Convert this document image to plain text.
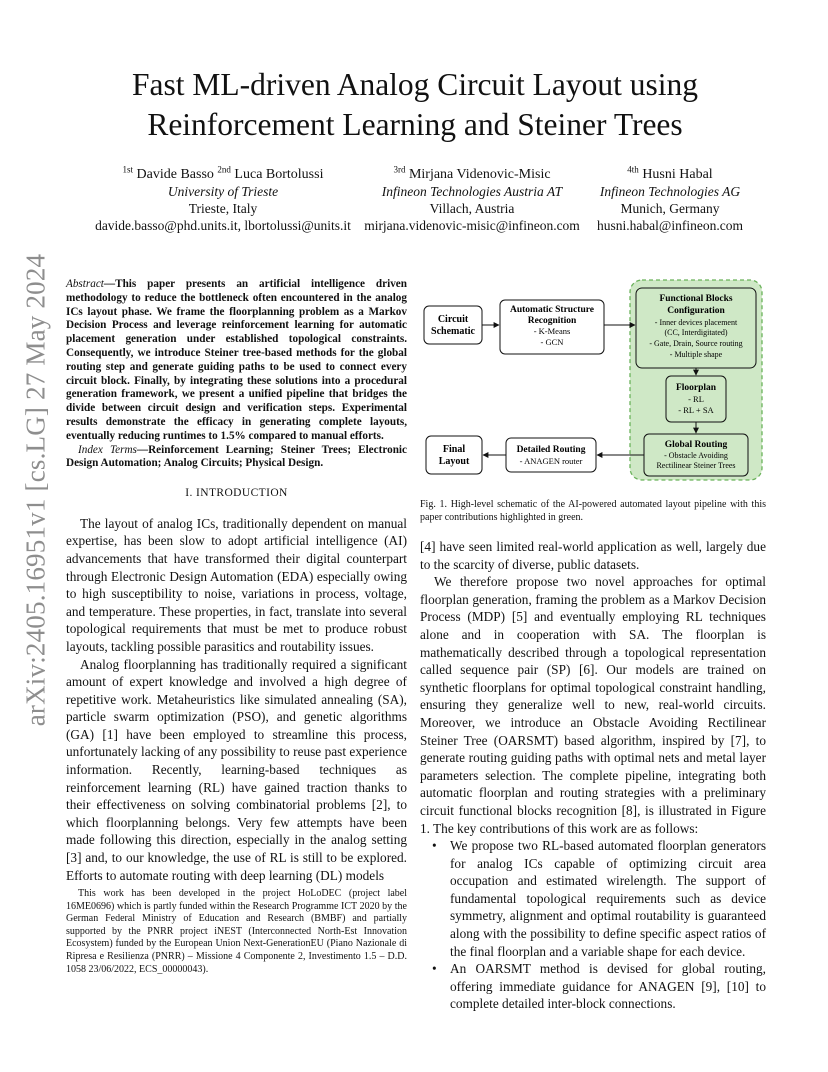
arXiv:2405.16951v1 [cs.LG] 27 May 2024
Fast ML-driven Analog Circuit Layout using
Reinforcement Learning and Steiner Trees
$^{1st}$ Davide Basso $^{2nd}$ Luca Bortolussi
University of Trieste
Trieste, Italy
davide.basso@phd.units.it, lbortolussi@units.it
$^{3rd}$ Mirjana Videnovic-Misic
Infineon Technologies Austria AT
Villach, Austria
mirjana.videnovic-misic@infineon.com
$^{4th}$ Husni Habal
Infineon Technologies AG
Munich, Germany
husni.habal@infineon.com
Abstract—This paper presents an artificial intelligence driven methodology to reduce the bottleneck often encountered in the analog ICs layout phase. We frame the floorplanning problem as a Markov Decision Process and leverage reinforcement learning for automatic placement generation under established topological constraints. Consequently, we introduce Steiner tree-based methods for the global routing step and generate guiding paths to be used to connect every circuit block. Finally, by integrating these solutions into a procedural generation framework, we present a unified pipeline that bridges the divide between circuit design and verification steps. Experimental results demonstrate the efficacy in generating complete layouts, eventually reducing runtimes to 1.5% compared to manual efforts.
Index Terms—Reinforcement Learning; Steiner Trees; Electronic Design Automation; Analog Circuits; Physical Design.
I. INTRODUCTION
The layout of analog ICs, traditionally dependent on manual expertise, has been slow to adopt artificial intelligence (AI) advancements that have transformed their digital counterpart through Electronic Design Automation (EDA) especially owing to high susceptibility to noise, variations in process, voltage, and temperature. These properties, in fact, translate into several topological requirements that must be met to produce robust layouts, tackling possible parasitics and routability issues.
Analog floorplanning has traditionally required a significant amount of expert knowledge and involved a high degree of repetitive work. Metaheuristics like simulated annealing (SA), particle swarm optimization (PSO), and genetic algorithms (GA) [1] have been employed to streamline this process, unfortunately lacking of any possibility to reuse past experience information. Recently, learning-based techniques as reinforcement learning (RL) have gained traction thanks to their effectiveness on solving combinatorial problems [2], to which floorplanning belongs. Very few attempts have been made following this direction, especially in the analog setting [3] and, to our knowledge, the use of RL is still to be explored. Efforts to automate routing with deep learning (DL) models
This work has been developed in the project HoLoDEC (project label 16ME0696) which is partly funded within the Research Programme ICT 2020 by the German Federal Ministry of Education and Research (BMBF) and partially supported by the PNRR project iNEST (Interconnected North-Est Innovation Ecosystem) funded by the European Union Next-GenerationEU (Piano Nazionale di Ripresa e Resilienza (PNRR) – Missione 4 Componente 2, Investimento 1.5 – D.D. 1058 23/06/2022, ECS_00000043).
Circuit
Schematic
Automatic Structure
Recognition
- K-Means
- GCN
Functional Blocks
Configuration
- Inner devices placement
(CC, Interdigitated)
- Gate, Drain, Source routing
- Multiple shape
Floorplan
- RL
- RL + SA
Global Routing
- Obstacle Avoiding
Rectilinear Steiner Trees
Detailed Routing
- ANAGEN router
Final
Layout
Fig. 1. High-level schematic of the AI-powered automated layout pipeline with this paper contributions highlighted in green.
[4] have seen limited real-world application as well, largely due to the scarcity of diverse, public datasets.
We therefore propose two novel approaches for optimal floorplan generation, framing the problem as a Markov Decision Process (MDP) [5] and eventually employing RL techniques alone and in cooperation with SA. The floorplan is mathematically described through a topological representation called sequence pair (SP) [6]. Our models are trained on synthetic floorplans for optimal topological constraint handling, ensuring they generalize well to new, real-world circuits. Moreover, we introduce an Obstacle Avoiding Rectilinear Steiner Tree (OARSMT) based algorithm, inspired by [7], to generate routing guiding paths with optimal nets and metal layer parameters selection. The complete pipeline, integrating both automatic floorplan and routing strategies with a preliminary circuit functional blocks recognition [8], is illustrated in Figure 1. The key contributions of this work are as follows:
• We propose two RL-based automated floorplan generators for analog ICs capable of optimizing circuit area occupation and estimated wirelength. The support of fundamental topological requirements such as device symmetry, alignment and optimal routability is guaranteed along with the possibility to define specific aspect ratios of the final floorplan and a variable shape for each device.
• An OARSMT method is devised for global routing, offering immediate guidance for ANAGEN [9], [10] to complete detailed inter-block connections.
